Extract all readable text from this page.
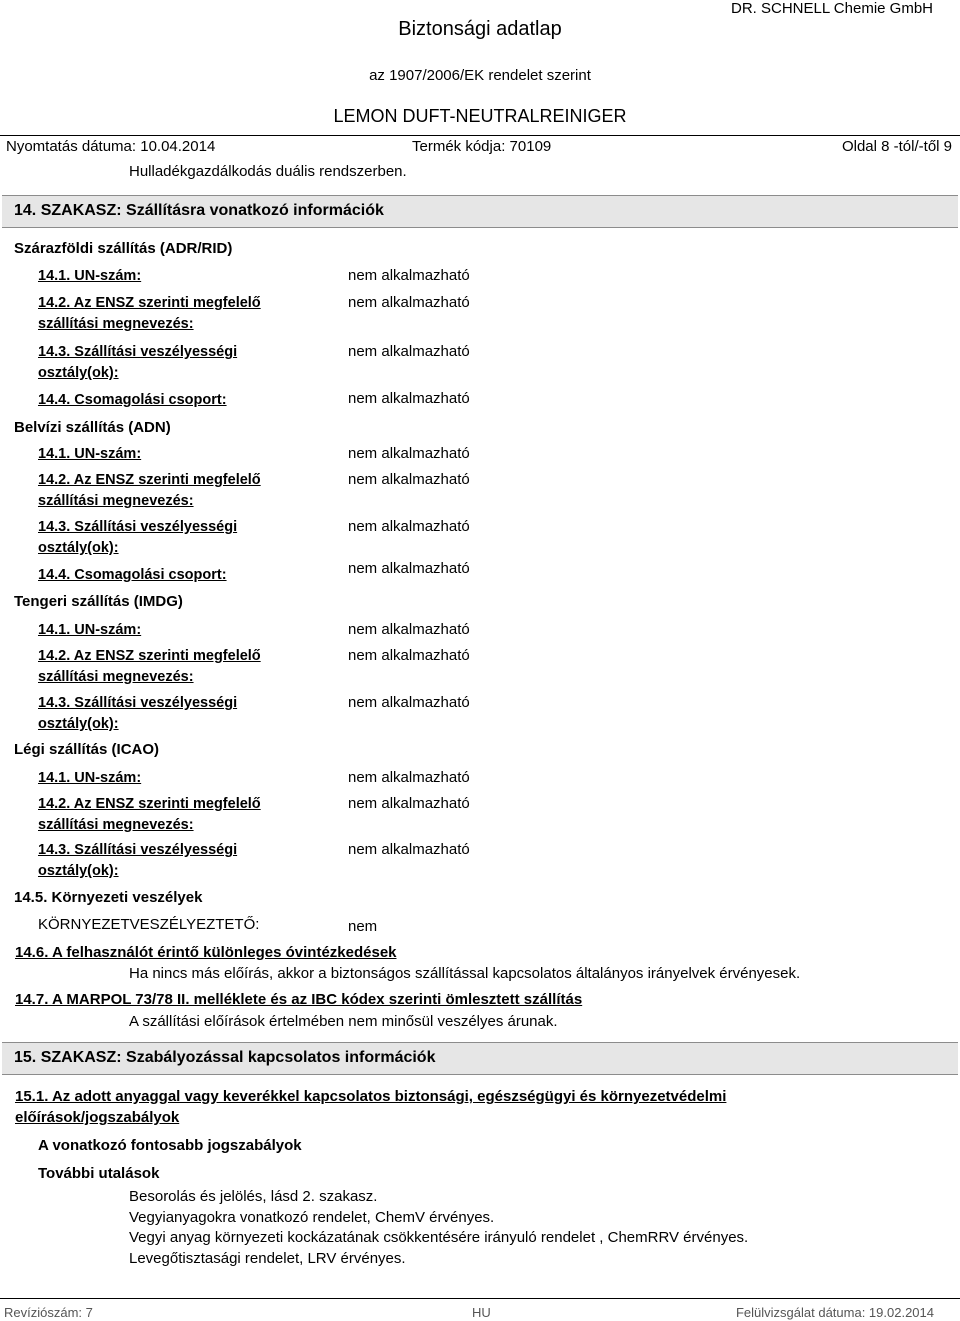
DR. SCHNELL Chemie GmbH
Biztonsági adatlap
az 1907/2006/EK rendelet szerint
LEMON DUFT-NEUTRALREINIGER
Nyomtatás dátuma: 10.04.2014	Termék kódja: 70109	Oldal 8 -tól/-től 9
Hulladékgazdálkodás duális rendszerben.
14. SZAKASZ: Szállításra vonatkozó információk
Szárazföldi szállítás (ADR/RID)
14.1. UN-szám:	nem alkalmazható
14.2. Az ENSZ szerinti megfelelő szállítási megnevezés:
nem alkalmazható
14.3. Szállítási veszélyességi osztály(ok):
nem alkalmazható
14.4. Csomagolási csoport:	nem alkalmazható
Belvízi szállítás (ADN)
14.1. UN-szám:	nem alkalmazható
14.2. Az ENSZ szerinti megfelelő szállítási megnevezés:
nem alkalmazható
14.3. Szállítási veszélyességi osztály(ok):
nem alkalmazható
14.4. Csomagolási csoport:	nem alkalmazható
Tengeri szállítás (IMDG)
14.1. UN-szám:	nem alkalmazható
14.2. Az ENSZ szerinti megfelelő szállítási megnevezés:
nem alkalmazható
14.3. Szállítási veszélyességi osztály(ok):
nem alkalmazható
Légi szállítás (ICAO)
14.1. UN-szám:	nem alkalmazható
14.2. Az ENSZ szerinti megfelelő szállítási megnevezés:
nem alkalmazható
14.3. Szállítási veszélyességi osztály(ok):
nem alkalmazható
14.5. Környezeti veszélyek
KÖRNYEZETVESZÉLYEZTETŐ:	nem
14.6. A felhasználót érintő különleges óvintézkedések
Ha nincs más előírás, akkor a biztonságos szállítással kapcsolatos általányos irányelvek érvényesek.
14.7. A MARPOL 73/78 II. melléklete és az IBC kódex szerinti ömlesztett szállítás
A szállítási előírások értelmében nem minősül veszélyes árunak.
15. SZAKASZ: Szabályozással kapcsolatos információk
15.1. Az adott anyaggal vagy keverékkel kapcsolatos biztonsági, egészségügyi és környezetvédelmi
előírások/jogszabályok
A vonatkozó fontosabb jogszabályok
További utalások
Besorolás és jelölés, lásd 2. szakasz.
Vegyianyagokra vonatkozó rendelet, ChemV érvényes.
Vegyi anyag környezeti kockázatának csökkentésére irányuló rendelet , ChemRRV érvényes.
Levegőtisztasági rendelet, LRV érvényes.
Revíziószám: 7	HU	Felülvizsgálat dátuma: 19.02.2014
